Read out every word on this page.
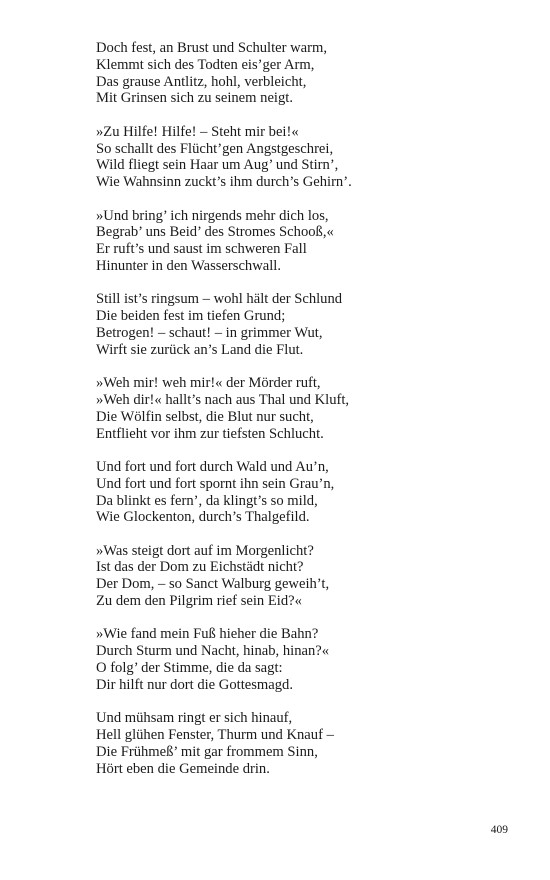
Doch fest, an Brust und Schulter warm,
Klemmt sich des Todten eis’ger Arm,
Das grause Antlitz, hohl, verbleicht,
Mit Grinsen sich zu seinem neigt.
»Zu Hilfe! Hilfe! – Steht mir bei!«
So schallt des Flücht’gen Angstgeschrei,
Wild fliegt sein Haar um Aug’ und Stirn’,
Wie Wahnsinn zuckt’s ihm durch’s Gehirn’.
»Und bring’ ich nirgends mehr dich los,
Begrab’ uns Beid’ des Stromes Schooß,«
Er ruft’s und saust im schweren Fall
Hinunter in den Wasserschwall.
Still ist’s ringsum – wohl hält der Schlund
Die beiden fest im tiefen Grund;
Betrogen! – schaut! – in grimmer Wut,
Wirft sie zurück an’s Land die Flut.
»Weh mir! weh mir!« der Mörder ruft,
»Weh dir!« hallt’s nach aus Thal und Kluft,
Die Wölfin selbst, die Blut nur sucht,
Entflieht vor ihm zur tiefsten Schlucht.
Und fort und fort durch Wald und Au’n,
Und fort und fort spornt ihn sein Grau’n,
Da blinkt es fern’, da klingt’s so mild,
Wie Glockenton, durch’s Thalgefild.
»Was steigt dort auf im Morgenlicht?
Ist das der Dom zu Eichstädt nicht?
Der Dom, – so Sanct Walburg geweih’t,
Zu dem den Pilgrim rief sein Eid?«
»Wie fand mein Fuß hieher die Bahn?
Durch Sturm und Nacht, hinab, hinan?«
O folg’ der Stimme, die da sagt:
Dir hilft nur dort die Gottesmagd.
Und mühsam ringt er sich hinauf,
Hell glühen Fenster, Thurm und Knauf –
Die Frühmeß’ mit gar frommem Sinn,
Hört eben die Gemeinde drin.
409
